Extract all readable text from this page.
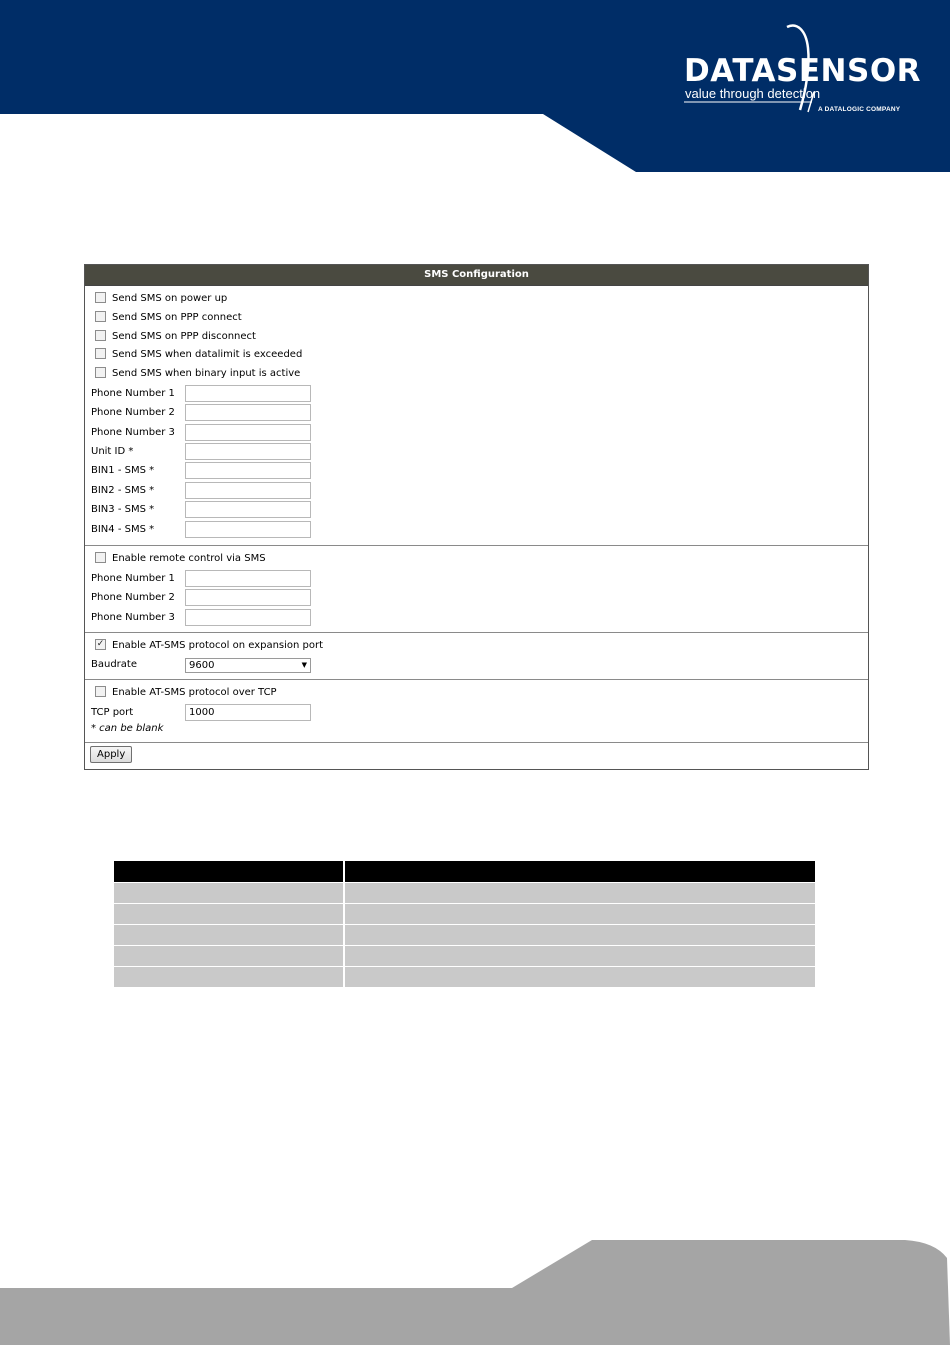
DATASENSOR
value through detection
A DATALOGIC COMPANY
SMS Configuration
Send SMS on power up
Send SMS on PPP connect
Send SMS on PPP disconnect
Send SMS when datalimit is exceeded
Send SMS when binary input is active
Phone Number 1
Phone Number 2
Phone Number 3
Unit ID *
BIN1 - SMS *
BIN2 - SMS *
BIN3 - SMS *
BIN4 - SMS *
Enable remote control via SMS
Phone Number 1
Phone Number 2
Phone Number 3
✓ Enable AT-SMS protocol on expansion port
Baudrate	9600	▼
Enable AT-SMS protocol over TCP
TCP port	1000
* can be blank
Apply
